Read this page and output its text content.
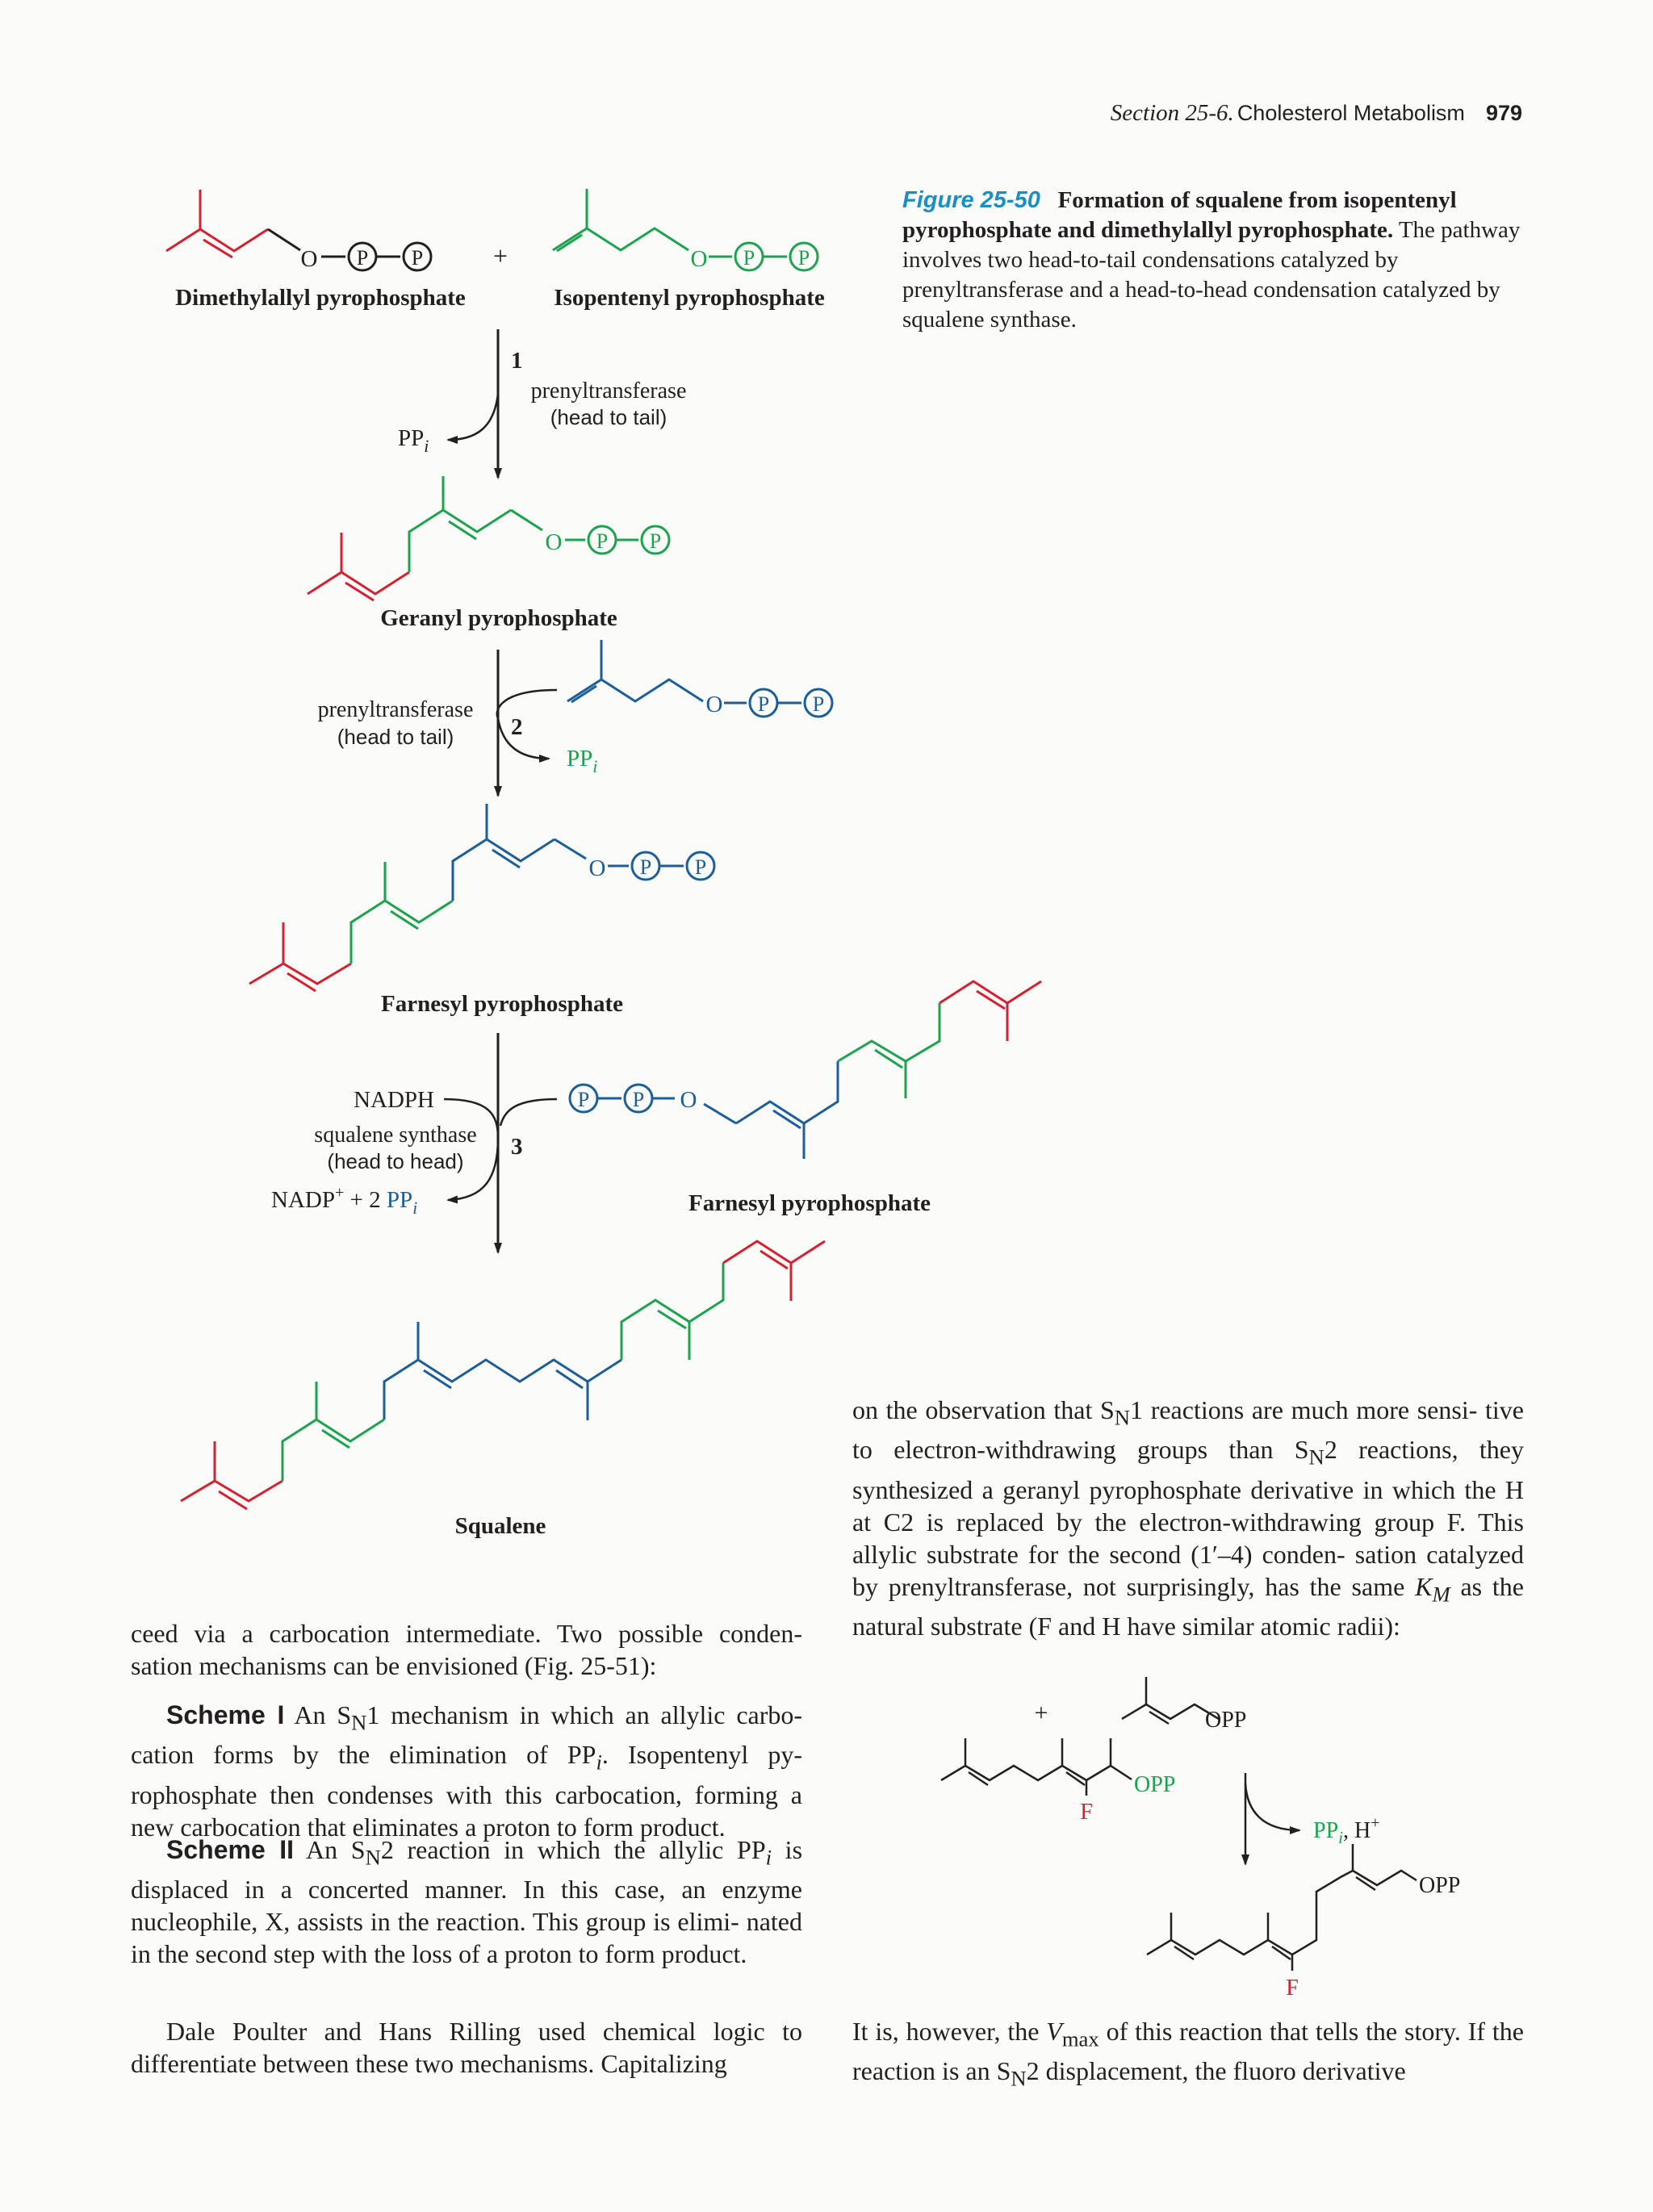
Section 25-6. Cholesterol Metabolism 979
Figure 25-50 Formation of squalene from isopentenyl pyrophosphate and dimethylallyl pyrophosphate. The pathway involves two head-to-tail condensations catalyzed by prenyltransferase and a head-to-head condensation catalyzed by squalene synthase.
O P P	+	O P P
Dimethylallyl pyrophosphate	Isopentenyl pyrophosphate
1
prenyltransferase
(head to tail)
$PP_i$
O P P
Geranyl pyrophosphate
2
prenyltransferase
(head to tail)
$PP_i$
O P P
O P P
Farnesyl pyrophosphate
3
NADPH
squalene synthase
(head to head)
NADP+ + 2 $PP_i$
P P O
Farnesyl pyrophosphate
Squalene
+	OPP
OPP
F
$PP_i$, H+
OPP
F
ceed via a carbocation intermediate. Two possible conden- sation mechanisms can be envisioned (Fig. 25-51):
Scheme I An $S_N1$ mechanism in which an allylic carbo- cation forms by the elimination of $PP_i$. Isopentenyl py- rophosphate then condenses with this carbocation, forming a new carbocation that eliminates a proton to form product.
Scheme II An $S_N2$ reaction in which the allylic $PP_i$ is displaced in a concerted manner. In this case, an enzyme nucleophile, X, assists in the reaction. This group is elimi- nated in the second step with the loss of a proton to form product.
Dale Poulter and Hans Rilling used chemical logic to differentiate between these two mechanisms. Capitalizing
on the observation that $S_N1$ reactions are much more sensi- tive to electron-withdrawing groups than $S_N2$ reactions, they synthesized a geranyl pyrophosphate derivative in which the H at C2 is replaced by the electron-withdrawing group F. This allylic substrate for the second (1′–4) conden- sation catalyzed by prenyltransferase, not surprisingly, has the same $K_M$ as the natural substrate (F and H have similar atomic radii):
It is, however, the $V_{max}$ of this reaction that tells the story. If the reaction is an $S_N2$ displacement, the fluoro derivative
